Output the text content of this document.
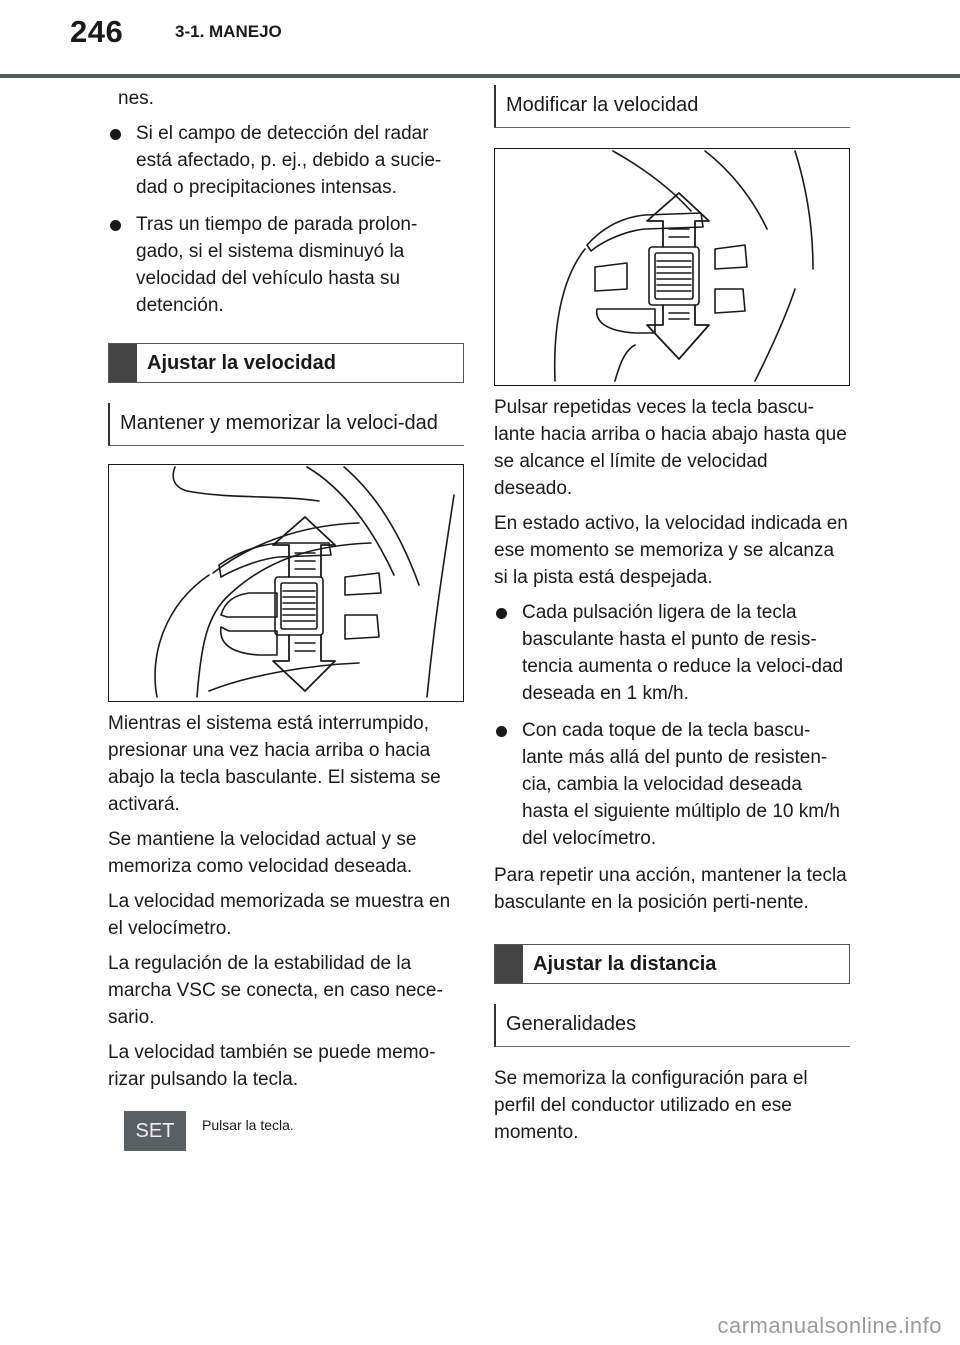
246	3-1. MANEJO

nes.

Si el campo de detección del radar está afectado, p. ej., debido a sucie-dad o precipitaciones intensas.
Tras un tiempo de parada prolon-gado, si el sistema disminuyó la velocidad del vehículo hasta su detención.
Ajustar la velocidad
Mantener y memorizar la veloci-dad

Mientras el sistema está interrumpido, presionar una vez hacia arriba o hacia abajo la tecla basculante. El sistema se activará.

Se mantiene la velocidad actual y se memoriza como velocidad deseada.

La velocidad memorizada se muestra en el velocímetro.

La regulación de la estabilidad de la marcha VSC se conecta, en caso nece-sario.

La velocidad también se puede memo-rizar pulsando la tecla.

SET	Pulsar la tecla.
Modificar la velocidad

Pulsar repetidas veces la tecla bascu-lante hacia arriba o hacia abajo hasta que se alcance el límite de velocidad deseado.

En estado activo, la velocidad indicada en ese momento se memoriza y se alcanza si la pista está despejada.

Cada pulsación ligera de la tecla basculante hasta el punto de resis-tencia aumenta o reduce la veloci-dad deseada en 1 km/h.
Con cada toque de la tecla bascu-lante más allá del punto de resisten-cia, cambia la velocidad deseada hasta el siguiente múltiplo de 10 km/h del velocímetro.

Para repetir una acción, mantener la tecla basculante en la posición perti-nente.

Ajustar la distancia
Generalidades

Se memoriza la configuración para el perfil del conductor utilizado en ese momento.

carmanualsonline.info
